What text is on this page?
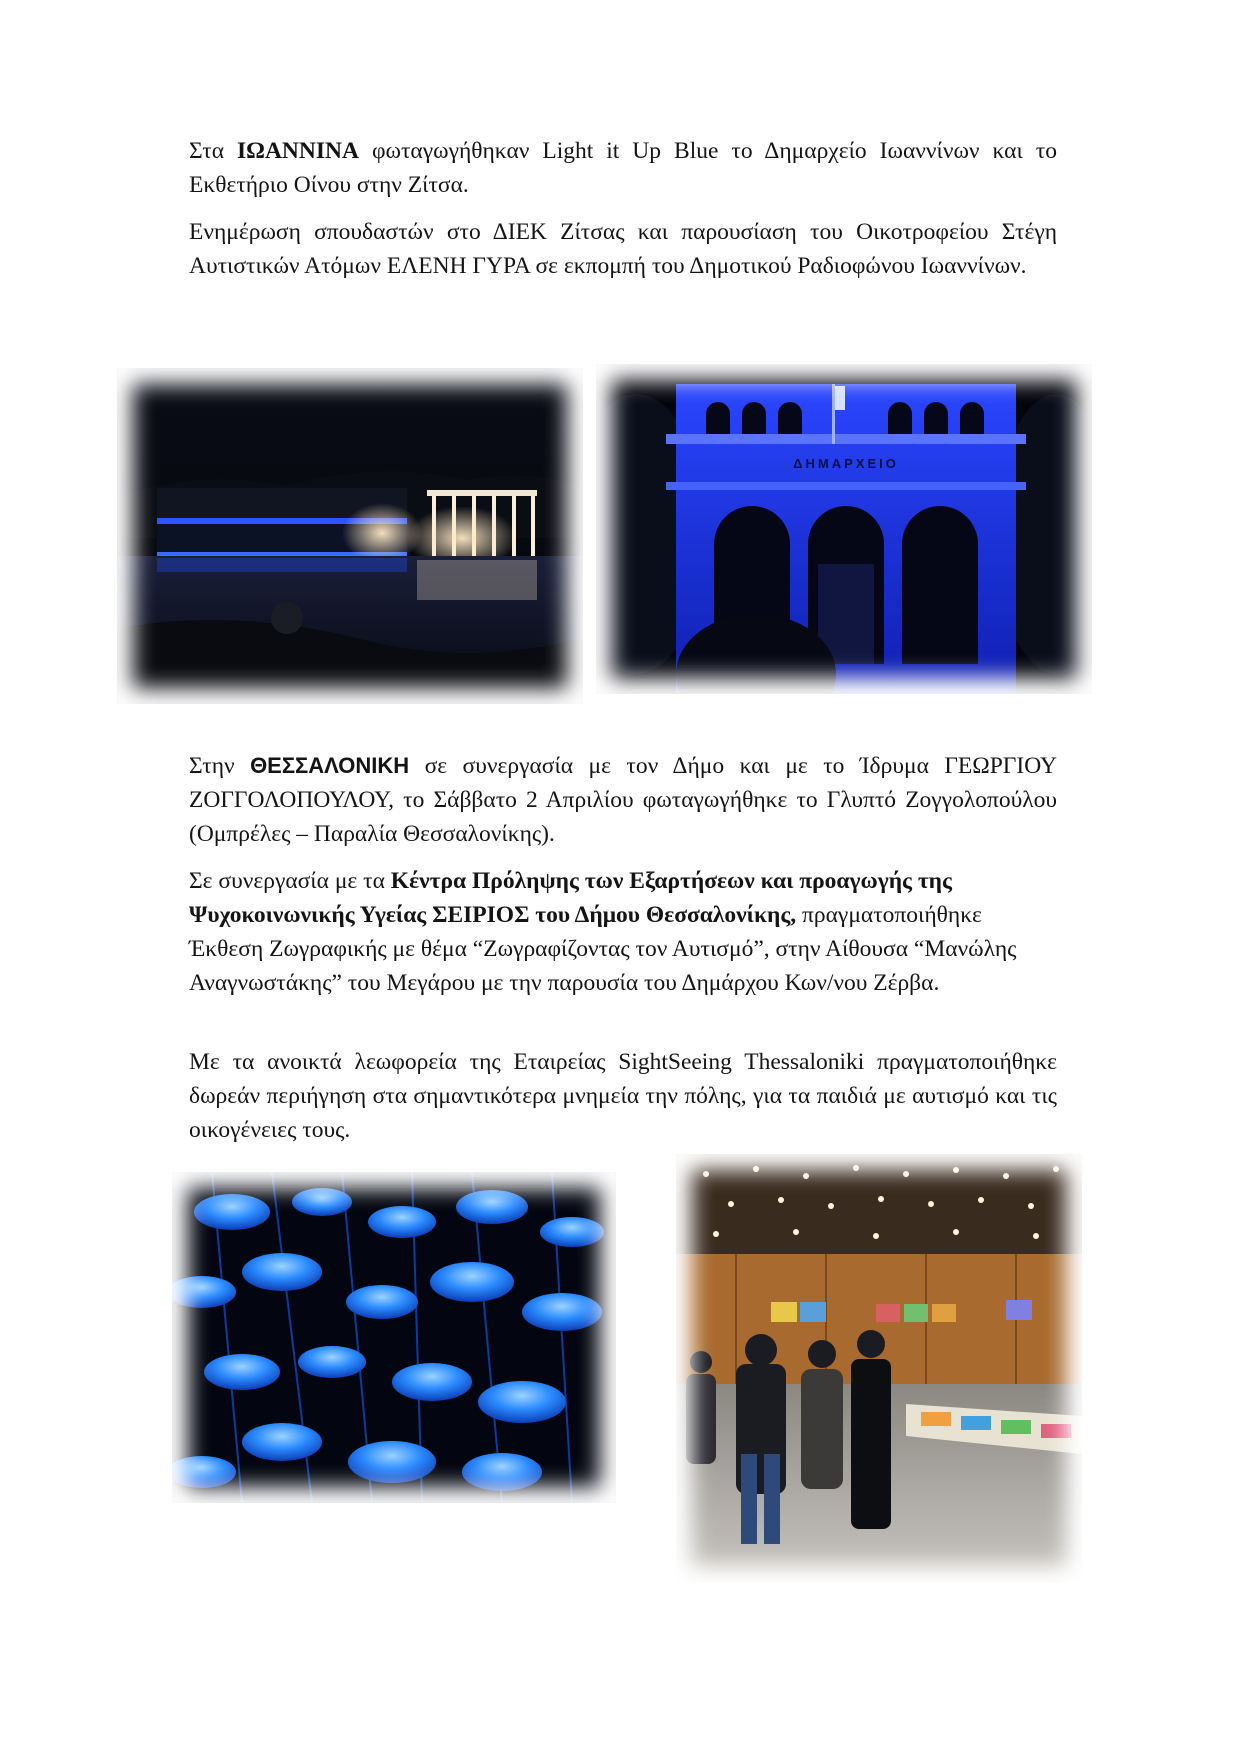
Στα ΙΩΑΝΝΙΝΑ φωταγωγήθηκαν Light it Up Blue το Δημαρχείο Ιωαννίνων και το Εκθετήριο Οίνου στην Ζίτσα.

Ενημέρωση σπουδαστών στο ΔΙΕΚ Ζίτσας και παρουσίαση του Οικοτροφείου Στέγη Αυτιστικών Ατόμων ΕΛΕΝΗ ΓΥΡΑ σε εκπομπή του Δημοτικού Ραδιοφώνου Ιωαννίνων.

ΔΗΜΑΡΧΕΙΟ

Στην ΘΕΣΣΑΛΟΝΙΚΗ σε συνεργασία με τον Δήμο και με το Ίδρυμα ΓΕΩΡΓΙΟΥ ΖΟΓΓΟΛΟΠΟΥΛΟΥ, το Σάββατο 2 Απριλίου φωταγωγήθηκε το Γλυπτό Ζογγολοπούλου (Ομπρέλες – Παραλία Θεσσαλονίκης).

Σε συνεργασία με τα Κέντρα Πρόληψης των Εξαρτήσεων και προαγωγής της Ψυχοκοινωνικής Υγείας ΣΕΙΡΙΟΣ του Δήμου Θεσσαλονίκης, πραγματοποιήθηκε Έκθεση Ζωγραφικής με θέμα “Ζωγραφίζοντας τον Αυτισμό”, στην Αίθουσα “Μανώλης Αναγνωστάκης” του Μεγάρου με την παρουσία του Δημάρχου Κων/νου Ζέρβα.

Με τα ανοικτά λεωφορεία της Εταιρείας SightSeeing Thessaloniki πραγματοποιήθηκε δωρεάν περιήγηση στα σημαντικότερα μνημεία την πόλης, για τα παιδιά με αυτισμό και τις οικογένειες τους.
